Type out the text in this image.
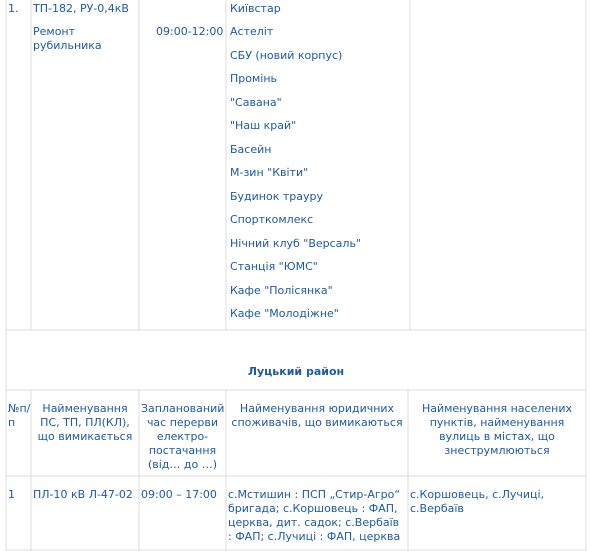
1. ТП-182, РУ-0,4кВ
Ремонт рубильника
09:00-12:00
Київстар
Астеліт
СБУ (новий корпус)
Промінь
"Савана"
"Наш край"
Басейн
М-зин "Квіти"
Будинок трауру
Спорткомлекс
Нічний клуб "Версаль"
Станція "ЮМС"
Кафе "Полісянка"
Кафе "Молодіжне"
Луцький район
№п/п
Найменування ПС, ТП, ПЛ(КЛ), що вимикається
Запланований час перерви електро-постачання (від… до …)
Найменування юридичних споживачів, що вимикаються
Найменування населених пунктів, найменування вулиць в містах, що знеструмлюються
1 ПЛ-10 кВ Л-47-02 09:00 – 17:00 с.Мстишин : ПСП „Стир-Агро“ бригада; с.Коршовець : ФАП, церква, дит. садок; с.Вербаїв : ФАП; с.Лучиці : ФАП, церква
с.Коршовець, с.Лучиці, с.Вербаїв
